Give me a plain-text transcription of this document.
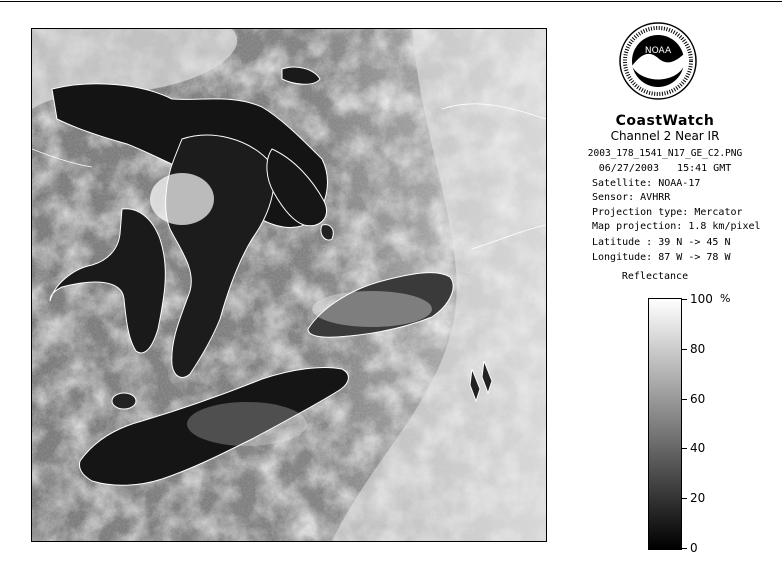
NOAA
CoastWatch
Channel 2 Near IR
2003_178_1541_N17_GE_C2.PNG
06/27/2003 15:41 GMT
Satellite: NOAA-17
Sensor: AVHRR
Projection type: Mercator
Map projection: 1.8 km/pixel
Latitude : 39 N -> 45 N
Longitude: 87 W -> 78 W
Reflectance
%
100
80
60
40
20
0
